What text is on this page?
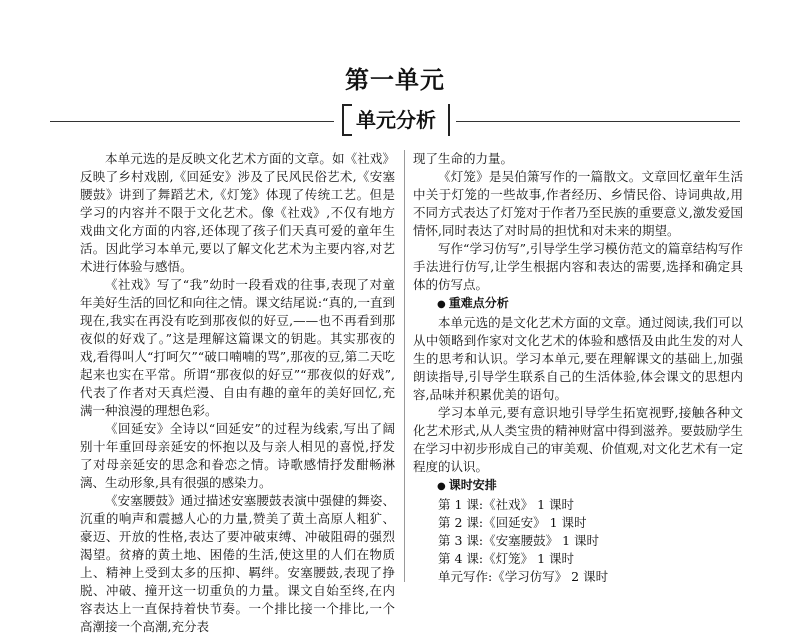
第一单元
单元分析

本单元选的是反映文化艺术方面的文章。如《社戏》反映了乡村戏剧,《回延安》涉及了民风民俗艺术,《安塞腰鼓》讲到了舞蹈艺术,《灯笼》体现了传统工艺。但是学习的内容并不限于文化艺术。像《社戏》,不仅有地方戏曲文化方面的内容,还体现了孩子们天真可爱的童年生活。因此学习本单元,要以了解文化艺术为主要内容,对艺术进行体验与感悟。

《社戏》写了“我”幼时一段看戏的往事,表现了对童年美好生活的回忆和向往之情。课文结尾说:“真的,一直到现在,我实在再没有吃到那夜似的好豆,——也不再看到那夜似的好戏了。”这是理解这篇课文的钥匙。其实那夜的戏,看得叫人“打呵欠”“破口喃喃的骂”,那夜的豆,第二天吃起来也实在平常。所谓“那夜似的好豆”“那夜似的好戏”,代表了作者对天真烂漫、自由有趣的童年的美好回忆,充满一种浪漫的理想色彩。

《回延安》全诗以“回延安”的过程为线索,写出了阔别十年重回母亲延安的怀抱以及与亲人相见的喜悦,抒发了对母亲延安的思念和眷恋之情。诗歌感情抒发酣畅淋漓、生动形象,具有很强的感染力。

《安塞腰鼓》通过描述安塞腰鼓表演中强健的舞姿、沉重的响声和震撼人心的力量,赞美了黄土高原人粗犷、豪迈、开放的性格,表达了要冲破束缚、冲破阻碍的强烈渴望。贫瘠的黄土地、困倦的生活,使这里的人们在物质上、精神上受到太多的压抑、羁绊。安塞腰鼓,表现了挣脱、冲破、撞开这一切重负的力量。课文自始至终,在内容表达上一直保持着快节奏。一个排比接一个排比,一个高潮接一个高潮,充分表

现了生命的力量。

《灯笼》是吴伯箫写作的一篇散文。文章回忆童年生活中关于灯笼的一些故事,作者经历、乡情民俗、诗词典故,用不同方式表达了灯笼对于作者乃至民族的重要意义,激发爱国情怀,同时表达了对时局的担忧和对未来的期望。

写作“学习仿写”,引导学生学习模仿范文的篇章结构写作手法进行仿写,让学生根据内容和表达的需要,选择和确定具体的仿写点。

● 重难点分析

本单元选的是文化艺术方面的文章。通过阅读,我们可以从中领略到作家对文化艺术的体验和感悟及由此生发的对人生的思考和认识。学习本单元,要在理解课文的基础上,加强朗读指导,引导学生联系自己的生活体验,体会课文的思想内容,品味并积累优美的语句。

学习本单元,要有意识地引导学生拓宽视野,接触各种文化艺术形式,从人类宝贵的精神财富中得到滋养。要鼓励学生在学习中初步形成自己的审美观、价值观,对文化艺术有一定程度的认识。

● 课时安排
第 1 课:《社戏》 1 课时
第 2 课:《回延安》 1 课时
第 3 课:《安塞腰鼓》 1 课时
第 4 课:《灯笼》 1 课时
单元写作:《学习仿写》 2 课时
